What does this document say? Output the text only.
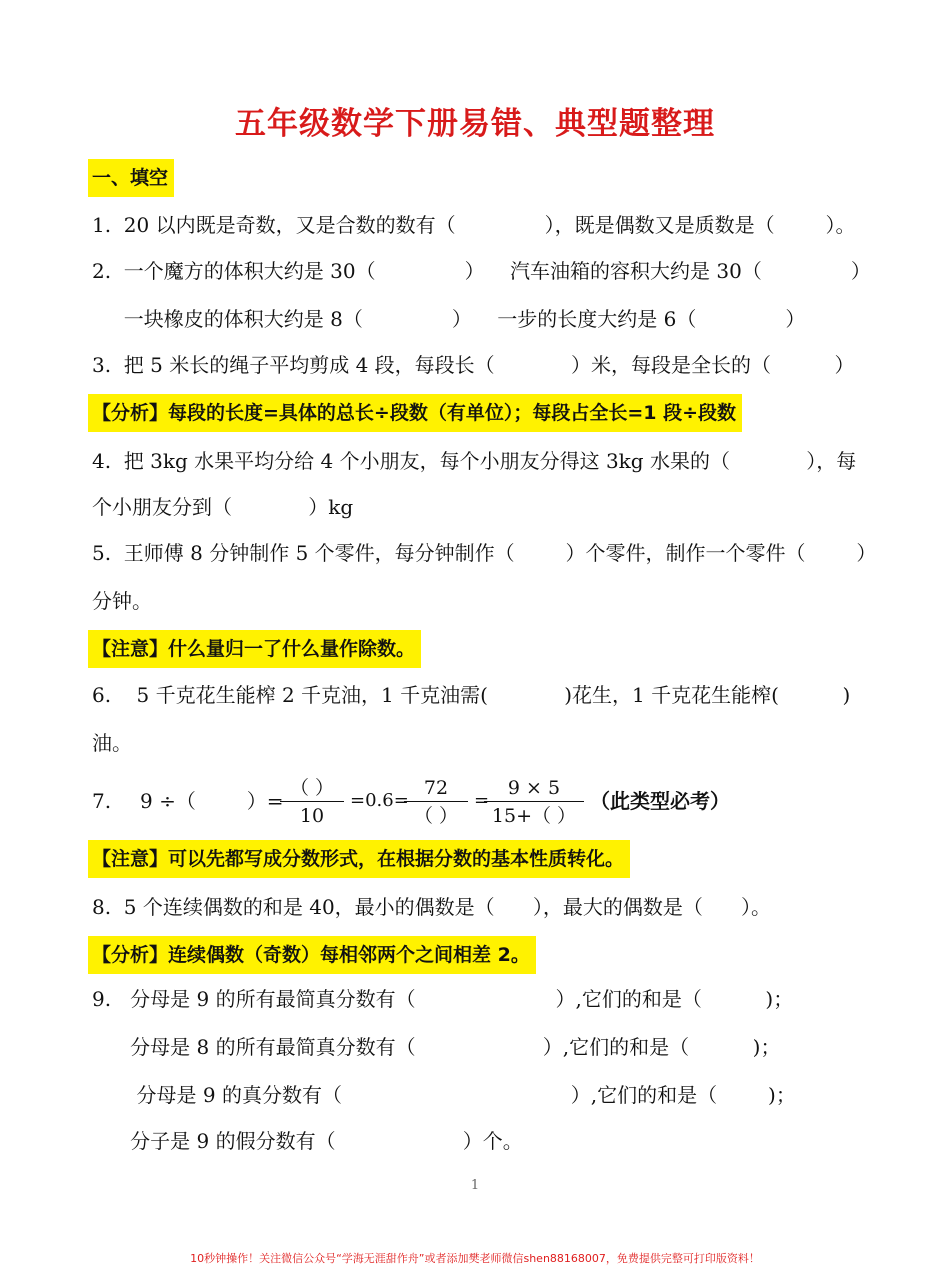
五年级数学下册易错、典型题整理
一、填空
1.  20 以内既是奇数，又是合数的数有（              ），既是偶数又是质数是（        ）。
2.  一个魔方的体积大约是 30（              ）    汽车油箱的容积大约是 30（              ）
一块橡皮的体积大约是 8（              ）    一步的长度大约是 6（              ）
3.  把 5 米长的绳子平均剪成 4 段，每段长（            ）米，每段是全长的（          ）
【分析】每段的长度=具体的总长÷段数（有单位）；每段占全长=1 段÷段数
4.  把 3kg 水果平均分给 4 个小朋友，每个小朋友分得这 3kg 水果的（            ），每
个小朋友分到（            ）kg
5.  王师傅 8 分钟制作 5 个零件，每分钟制作（        ）个零件，制作一个零件（        ）
分钟。
【注意】什么量归一了什么量作除数。
6.    5 千克花生能榨 2 千克油，1 千克油需(            )花生，1 千克花生能榨(          )
油。
7. 9 ÷（        ）=
（ ）
10
=0.6=
72
（ ）
=
$\frac{9 \times 5}{15+( )}$ （此类型必考）
【注意】可以先都写成分数形式，在根据分数的基本性质转化。
8.  5 个连续偶数的和是 40，最小的偶数是（      ），最大的偶数是（      ）。
【分析】连续偶数（奇数）每相邻两个之间相差 2。
9.   分母是 9 的所有最简真分数有（                      ）,它们的和是（          )；
分母是 8 的所有最简真分数有（                    ）,它们的和是（          )；
分母是 9 的真分数有（                                    ）,它们的和是（        )；
分子是 9 的假分数有（                    ）个。
1
10秒钟操作！关注微信公众号“学海无涯甜作舟”或者添加樊老师微信shen88168007，免费提供完整可打印版资料！
